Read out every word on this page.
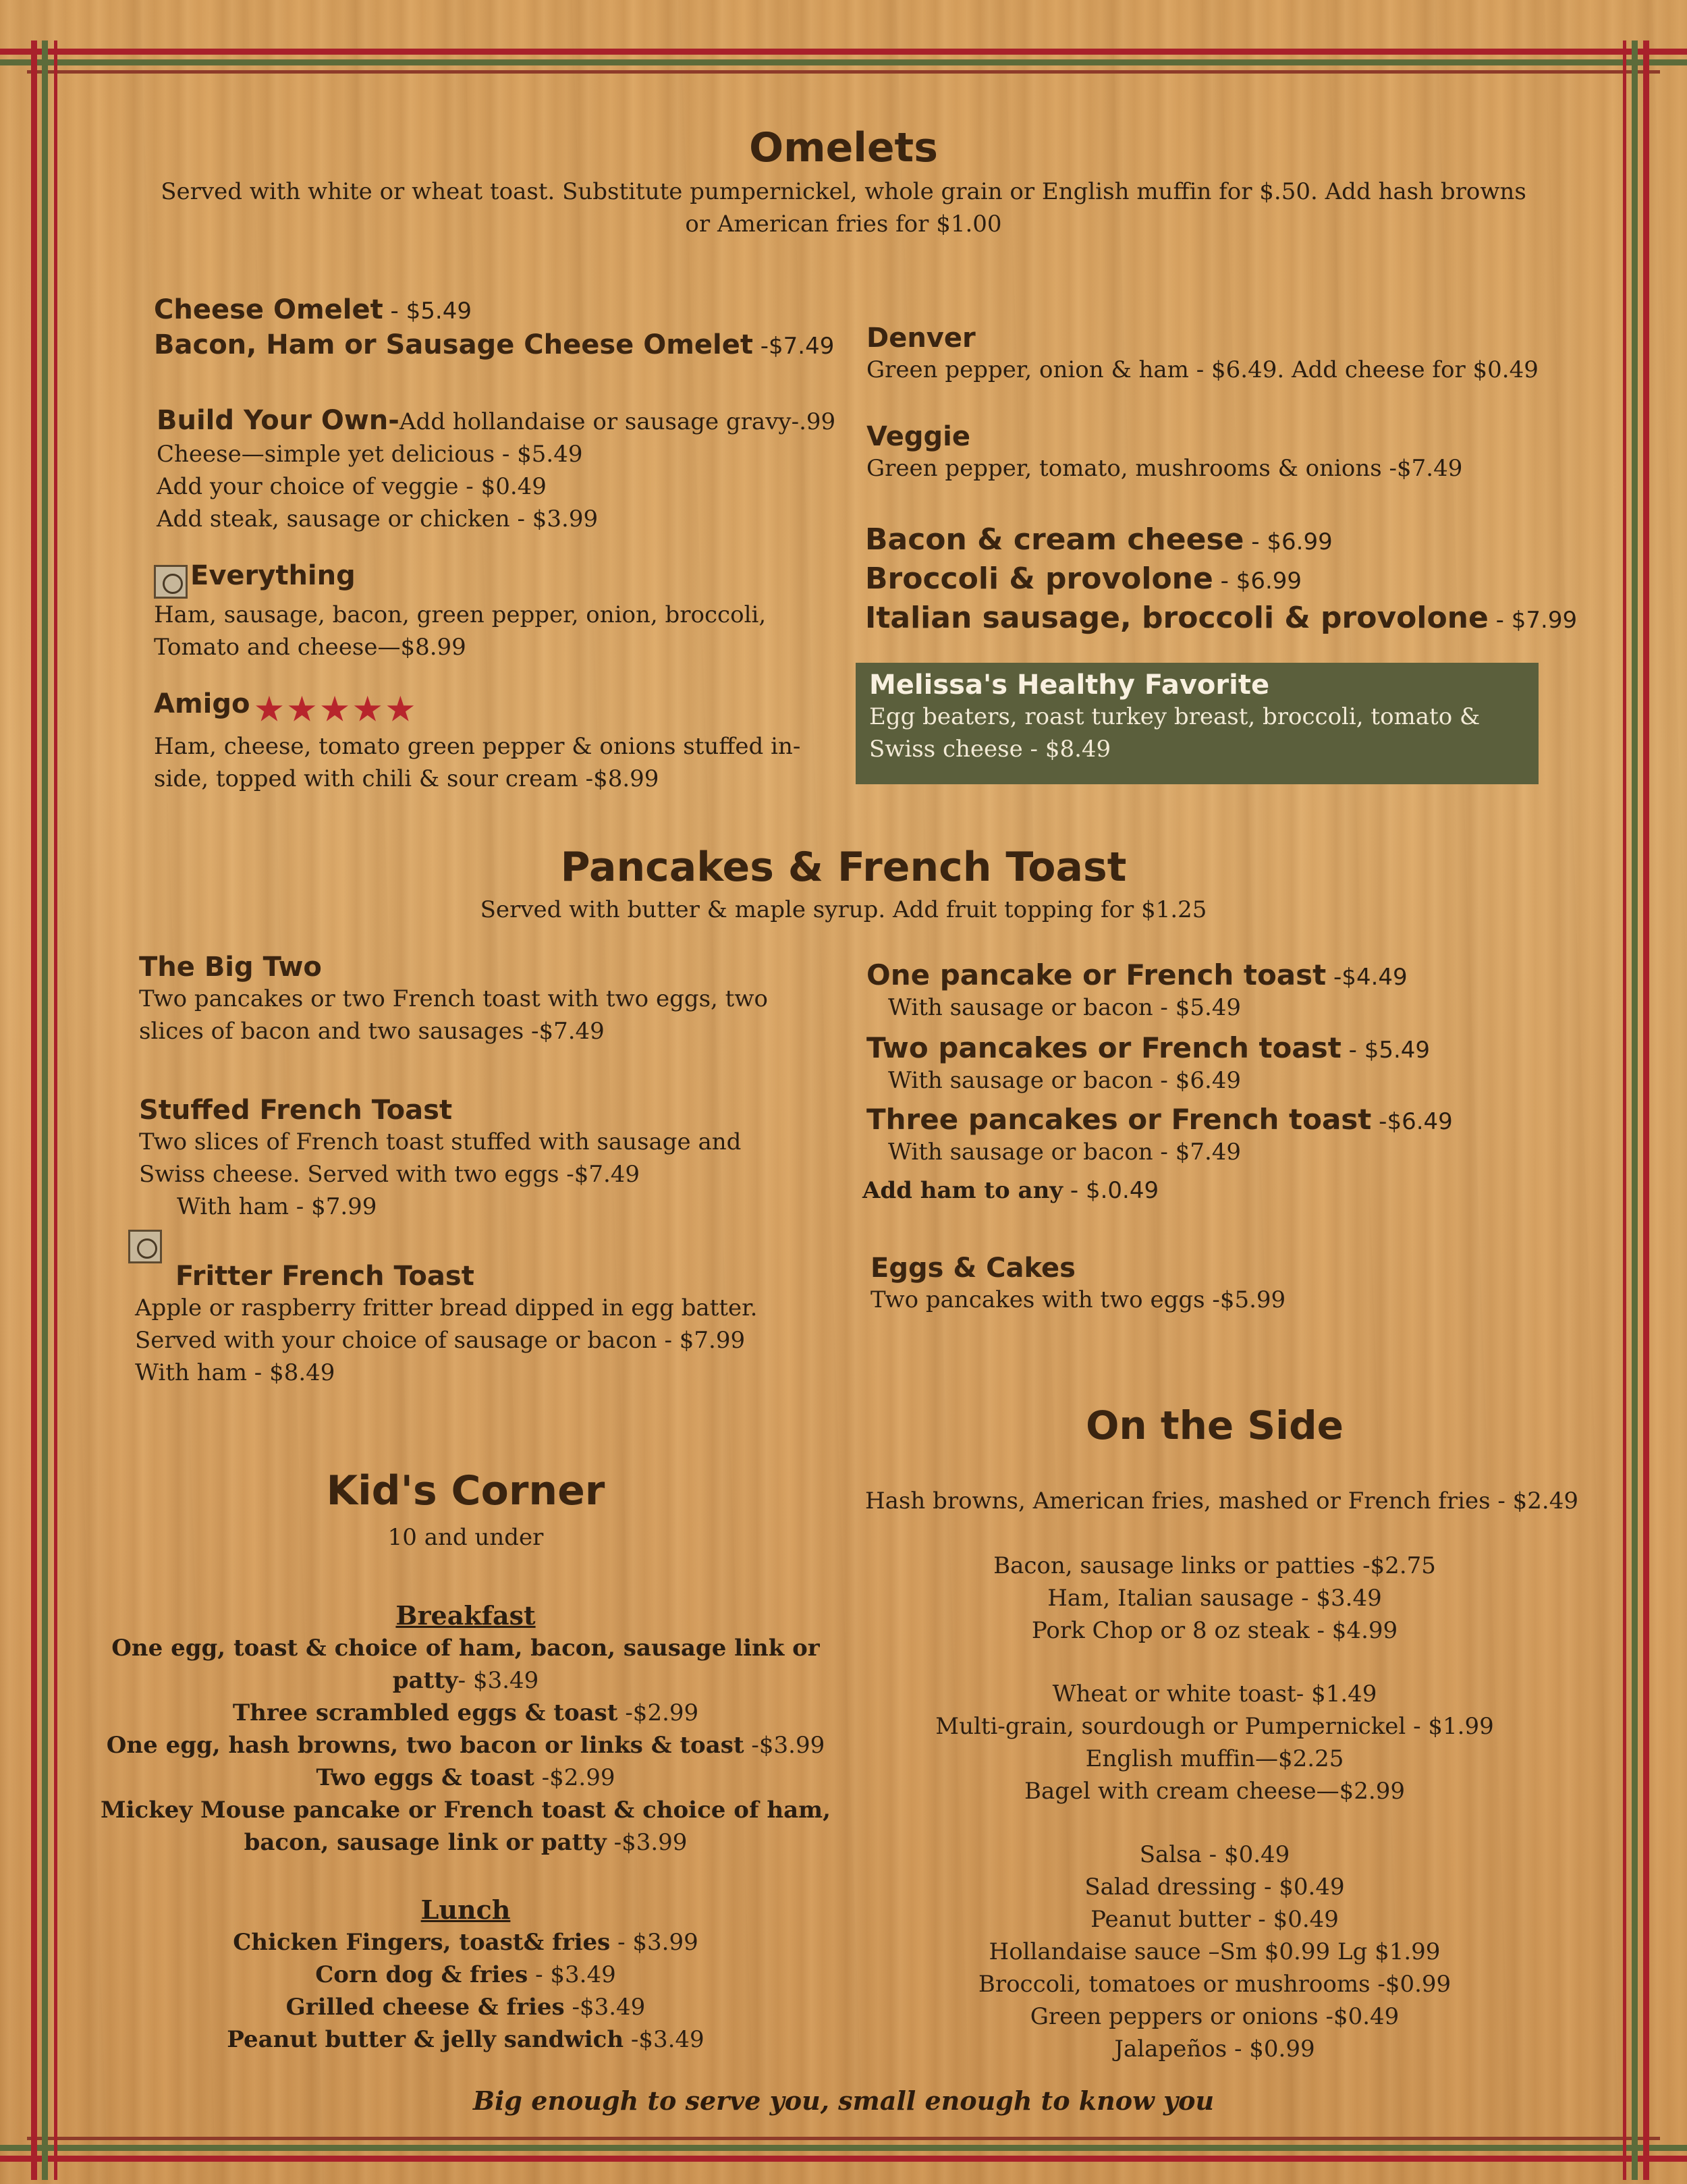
Omelets
Served with white or wheat toast. Substitute pumpernickel, whole grain or English muffin for $.50. Add hash browns
or American fries for $1.00
Cheese Omelet - $5.49
Bacon, Ham or Sausage Cheese Omelet -$7.49
Build Your Own-Add hollandaise or sausage gravy-.99
Cheese—simple yet delicious - $5.49
Add your choice of veggie - $0.49
Add steak, sausage or chicken - $3.99
Everything
Ham, sausage, bacon, green pepper, onion, broccoli,
Tomato and cheese—$8.99
Amigo ★★★★★
Ham, cheese, tomato green pepper & onions stuffed in-
side, topped with chili & sour cream -$8.99
Denver
Green pepper, onion & ham - $6.49. Add cheese for $0.49
Veggie
Green pepper, tomato, mushrooms & onions -$7.49
Bacon & cream cheese - $6.99
Broccoli & provolone - $6.99
Italian sausage, broccoli & provolone - $7.99
Melissa's Healthy Favorite
Egg beaters, roast turkey breast, broccoli, tomato &
Swiss cheese - $8.49
Pancakes & French Toast
Served with butter & maple syrup. Add fruit topping for $1.25
The Big Two
Two pancakes or two French toast with two eggs, two
slices of bacon and two sausages -$7.49
Stuffed French Toast
Two slices of French toast stuffed with sausage and
Swiss cheese. Served with two eggs -$7.49
With ham - $7.99
Fritter French Toast
Apple or raspberry fritter bread dipped in egg batter.
Served with your choice of sausage or bacon - $7.99
With ham - $8.49
One pancake or French toast -$4.49
With sausage or bacon - $5.49
Two pancakes or French toast - $5.49
With sausage or bacon - $6.49
Three pancakes or French toast -$6.49
With sausage or bacon - $7.49
Add ham to any - $.0.49
Eggs & Cakes
Two pancakes with two eggs -$5.99
On the Side
Hash browns, American fries, mashed or French fries - $2.49
Bacon, sausage links or patties -$2.75
Ham, Italian sausage - $3.49
Pork Chop or 8 oz steak - $4.99
Wheat or white toast- $1.49
Multi-grain, sourdough or Pumpernickel - $1.99
English muffin—$2.25
Bagel with cream cheese—$2.99
Salsa - $0.49
Salad dressing - $0.49
Peanut butter - $0.49
Hollandaise sauce –Sm $0.99 Lg $1.99
Broccoli, tomatoes or mushrooms -$0.99
Green peppers or onions -$0.49
Jalapeños - $0.99
Kid's Corner
10 and under
Breakfast
One egg, toast & choice of ham, bacon, sausage link or
patty- $3.49
Three scrambled eggs & toast -$2.99
One egg, hash browns, two bacon or links & toast -$3.99
Two eggs & toast -$2.99
Mickey Mouse pancake or French toast & choice of ham,
bacon, sausage link or patty -$3.99
Lunch
Chicken Fingers, toast& fries - $3.99
Corn dog & fries - $3.49
Grilled cheese & fries -$3.49
Peanut butter & jelly sandwich -$3.49
Big enough to serve you, small enough to know you
